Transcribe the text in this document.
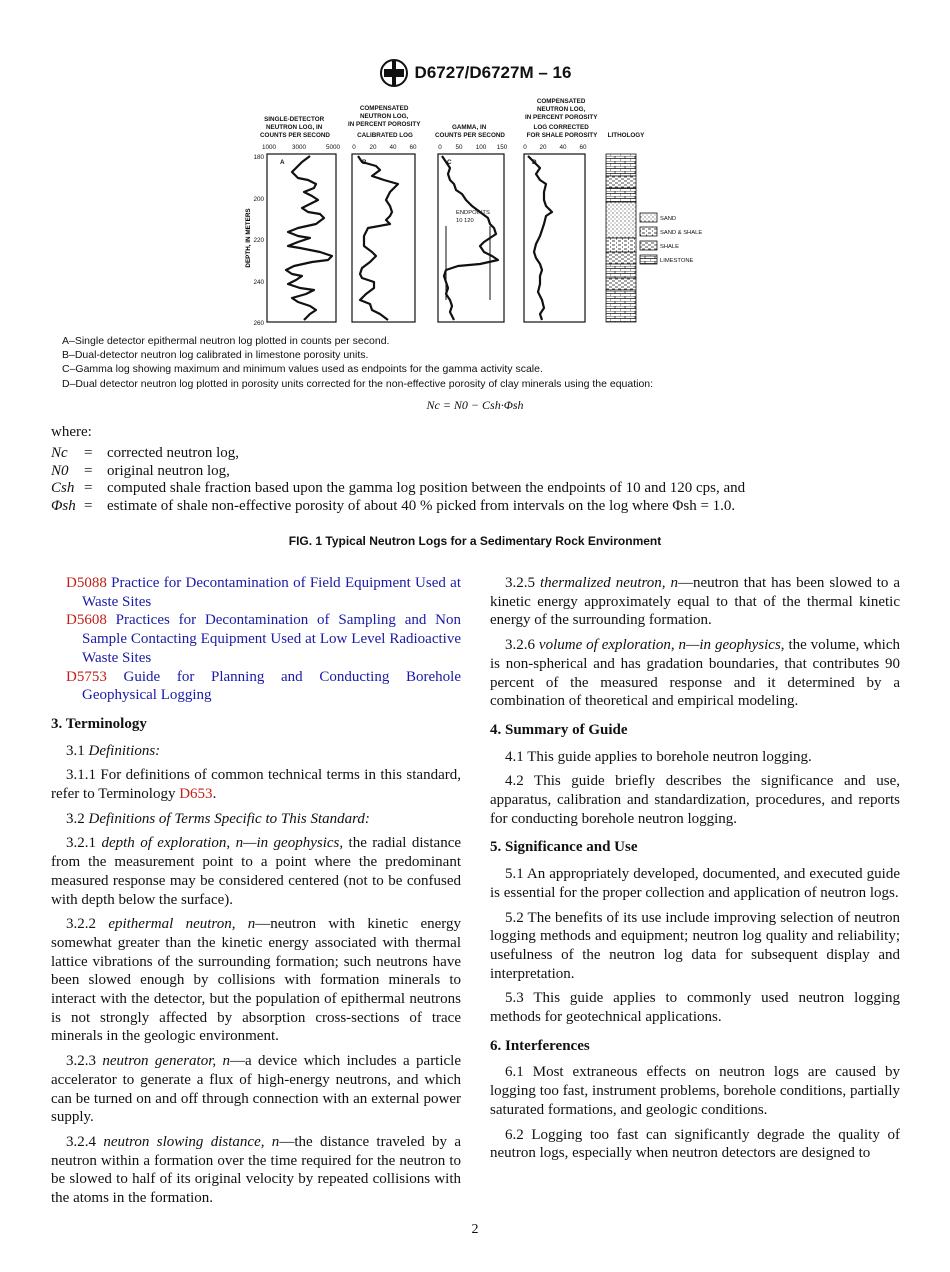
D6727/D6727M – 16
SINGLE-DETECTOR NEUTRON LOG, IN COUNTS PER SECOND
COMPENSATED NEUTRON LOG, IN PERCENT POROSITY CALIBRATED LOG
GAMMA, IN COUNTS PER SECOND
COMPENSATED NEUTRON LOG, IN PERCENT POROSITY LOG CORRECTED FOR SHALE POROSITY LITHOLOGY
1000	3000	5000 0 20 40 60	0 50 100 150	0 20 40 60
180
200
220
240
260
DEPTH, IN METERS
A	B	C	D
ENDPOINTS
10 120	SAND
SAND & SHALE
SHALE
LIMESTONE
A–Single detector epithermal neutron log plotted in counts per second.
B–Dual-detector neutron log calibrated in limestone porosity units.
C–Gamma log showing maximum and minimum values used as endpoints for the gamma activity scale.
D–Dual detector neutron log plotted in porosity units corrected for the non-effective porosity of clay minerals using the equation:
Nc = N0 − Csh·Φsh
where:
Nc	= corrected neutron log,
N0	= original neutron log,
Csh = computed shale fraction based upon the gamma log position between the endpoints of 10 and 120 cps, and
Φsh = estimate of shale non-effective porosity of about 40 % picked from intervals on the log where Φsh = 1.0.
FIG. 1 Typical Neutron Logs for a Sedimentary Rock Environment
D5088 Practice for Decontamination of Field Equipment Used at Waste Sites
D5608 Practices for Decontamination of Sampling and Non Sample Contacting Equipment Used at Low Level Radioactive Waste Sites
D5753 Guide for Planning and Conducting Borehole Geophysical Logging
3. Terminology

3.1 Definitions:

3.1.1 For definitions of common technical terms in this standard, refer to Terminology D653.

3.2 Definitions of Terms Specific to This Standard:

3.2.1 depth of exploration, n—in geophysics, the radial distance from the measurement point to a point where the predominant measured response may be considered centered (not to be confused with depth below the surface).

3.2.2 epithermal neutron, n—neutron with kinetic energy somewhat greater than the kinetic energy associated with thermal lattice vibrations of the surrounding formation; such neutrons have been slowed enough by collisions with formation minerals to interact with the detector, but the population of epithermal neutrons is not strongly affected by absorption cross-sections of trace minerals in the geologic environment.

3.2.3 neutron generator, n—a device which includes a particle accelerator to generate a flux of high-energy neutrons, and which can be turned on and off through connection with an external power supply.

3.2.4 neutron slowing distance, n—the distance traveled by a neutron within a formation over the time required for the neutron to be slowed to half of its original velocity by repeated collisions with the atoms in the formation.

3.2.5 thermalized neutron, n—neutron that has been slowed to a kinetic energy approximately equal to that of the thermal kinetic energy of the surrounding formation.

3.2.6 volume of exploration, n—in geophysics, the volume, which is non-spherical and has gradation boundaries, that contributes 90 percent of the measured response and it determined by a combination of theoretical and empirical modeling.

4. Summary of Guide

4.1 This guide applies to borehole neutron logging.

4.2 This guide briefly describes the significance and use, apparatus, calibration and standardization, procedures, and reports for conducting borehole neutron logging.

5. Significance and Use

5.1 An appropriately developed, documented, and executed guide is essential for the proper collection and application of neutron logs.

5.2 The benefits of its use include improving selection of neutron logging methods and equipment; neutron log quality and reliability; usefulness of the neutron log data for subsequent display and interpretation.

5.3 This guide applies to commonly used neutron logging methods for geotechnical applications.

6. Interferences

6.1 Most extraneous effects on neutron logs are caused by logging too fast, instrument problems, borehole conditions, partially saturated formations, and geologic conditions.

6.2 Logging too fast can significantly degrade the quality of neutron logs, especially when neutron detectors are designed to

2
